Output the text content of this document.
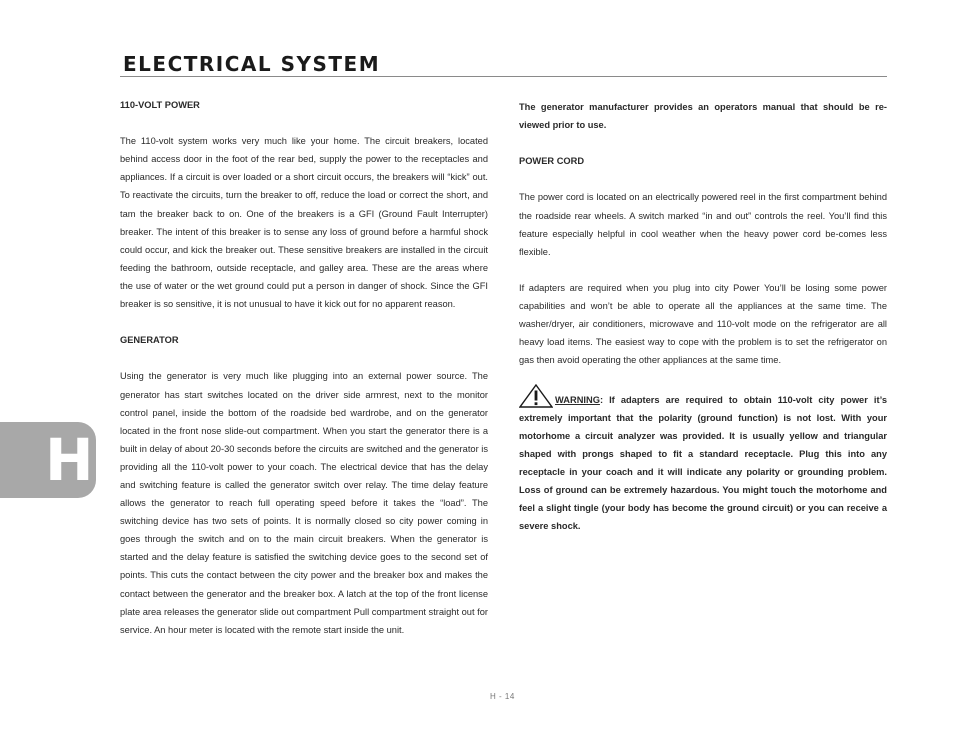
ELECTRICAL SYSTEM

110-VOLT POWER

The 110-volt system works very much like your home. The circuit breakers, located behind access door in the foot of the rear bed, supply the power to the receptacles and appliances. If a circuit is over loaded or a short circuit occurs, the breakers will “kick” out. To reactivate the circuits, turn the breaker to off, reduce the load or correct the short, and tam the breaker back to on. One of the breakers is a GFI (Ground Fault Interrupter) breaker. The intent of this breaker is to sense any loss of ground before a harmful shock could occur, and kick the breaker out. These sensitive breakers are installed in the circuit feeding the bathroom, outside receptacle, and galley area. These are the areas where the use of water or the wet ground could put a person in danger of shock. Since the GFI breaker is so sensitive, it is not unusual to have it kick out for no apparent reason.

GENERATOR

Using the generator is very much like plugging into an external power source. The generator has start switches located on the driver side armrest, next to the monitor control panel, inside the bottom of the roadside bed wardrobe, and on the generator located in the front nose slide-out compartment. When you start the generator there is a built in delay of about 20-30 seconds before the circuits are switched and the generator is providing all the 110-volt power to your coach. The electrical device that has the delay and switching feature is called the generator switch over relay. The time delay feature allows the generator to reach full operating speed before it takes the “load”. The switching device has two sets of points. It is normally closed so city power coming in goes through the switch and on to the main circuit breakers. When the generator is started and the delay feature is satisfied the switching device goes to the second set of points. This cuts the contact between the city power and the breaker box and makes the contact between the generator and the breaker box. A latch at the top of the front license plate area releases the generator slide out compartment Pull compartment straight out for service. An hour meter is located with the remote start inside the unit.

The generator manufacturer provides an operators manual that should be re-viewed prior to use.

POWER CORD

The power cord is located on an electrically powered reel in the first compartment behind the roadside rear wheels. A switch marked “in and out” controls the reel. You’ll find this feature especially helpful in cool weather when the heavy power cord be-comes less flexible.

If adapters are required when you plug into city Power You’ll be losing some power capabilities and won’t be able to operate all the appliances at the same time. The washer/dryer, air conditioners, microwave and 110-volt mode on the refrigerator are all heavy load items. The easiest way to cope with the problem is to set the refrigerator on gas then avoid operating the other appliances at the same time.

WARNING: If adapters are required to obtain 110-volt city power it’s extremely important that the polarity (ground function) is not lost. With your motorhome a circuit analyzer was provided. It is usually yellow and triangular shaped with prongs shaped to fit a standard receptacle. Plug this into any receptacle in your coach and it will indicate any polarity or grounding problem. Loss of ground can be extremely hazardous. You might touch the motorhome and feel a slight tingle (your body has become the ground circuit) or you can receive a severe shock.

H
H - 14
